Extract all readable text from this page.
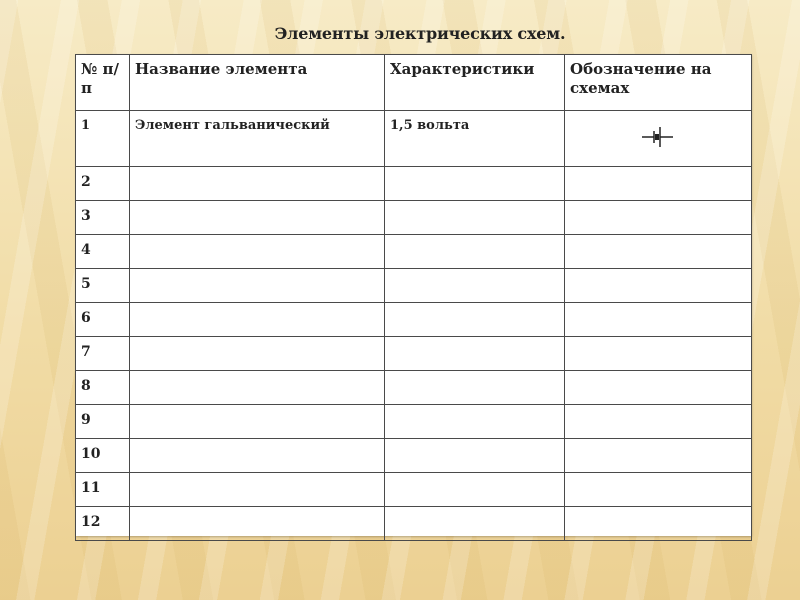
Элементы электрических схем.
№ п/п	Название элемента	Характеристики	Обозначение на схемах
1	Элемент гальванический	1,5 вольта	
2			
3			
4			
5			
6			
7			
8			
9			
10			
11			
12			
